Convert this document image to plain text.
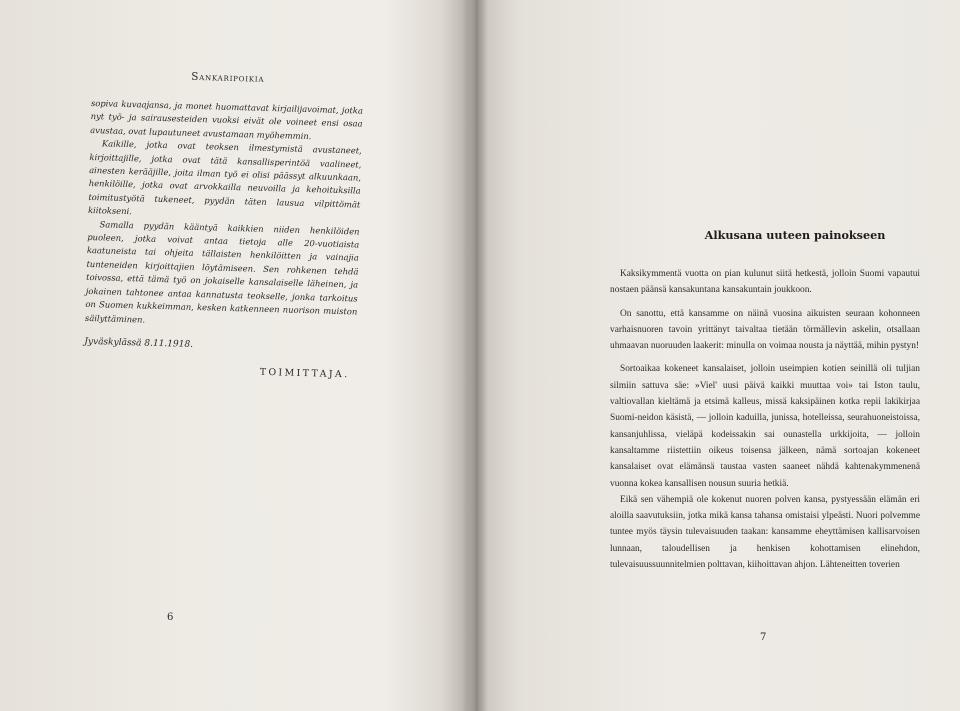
Sankaripoikia

sopiva kuvaajansa, ja monet huomattavat kirjailijavoimat, jotka nyt työ- ja sairausesteiden vuoksi eivät ole voineet ensi osaa avustaa, ovat lupautuneet avustamaan myöhemmin.

Kaikille, jotka ovat teoksen ilmestymistä avustaneet, kirjoittajille, jotka ovat tätä kansallisperintöä vaalineet, ainesten kerääjille, joita ilman työ ei olisi päässyt alkuunkaan, henkilöille, jotka ovat arvokkailla neuvoilla ja kehoituksilla toimitustyötä tukeneet, pyydän täten lausua vilpittömät kiitokseni.

Samalla pyydän kääntyä kaikkien niiden henkilöiden puoleen, jotka voivat antaa tietoja alle 20-vuotiaista kaatuneista tai ohjeita tällaisten henkilöitten ja vainajia tunteneiden kirjoittajien löytämiseen. Sen rohkenen tehdä toivossa, että tämä työ on jokaiselle kansalaiselle läheinen, ja jokainen tahtonee antaa kannatusta teokselle, jonka tarkoitus on Suomen kukkeimman, kesken katkenneen nuorison muiston säilyttäminen.

Jyväskylässä 8.11.1918.
TOIMITTAJA.
6
Alkusana uuteen painokseen

Kaksikymmentä vuotta on pian kulunut siitä hetkestä, jolloin Suomi vapautui nostaen päänsä kansakuntana kansakuntain joukkoon.

On sanottu, että kansamme on näinä vuosina aikuisten seuraan kohonneen varhaisnuoren tavoin yrittänyt taivaltaa tietään törmällevin askelin, otsallaan uhmaavan nuoruuden laakerit: minulla on voimaa nousta ja näyttää, mihin pystyn!

Sortoaikaa kokeneet kansalaiset, jolloin useimpien kotien seinillä oli tuljian silmiin sattuva säe: »Viel' uusi päivä kaikki muuttaa voi» tai Iston taulu, valtiovallan kieltämä ja etsimä kalleus, missä kaksipäinen kotka repii lakikirjaa Suomi-neidon käsistä, — jolloin kaduilla, junissa, hotelleissa, seurahuoneistoissa, kansanjuhlissa, vieläpä kodeissakin sai ounastella urkkijoita, — jolloin kansaltamme riistettiin oikeus toisensa jälkeen, nämä sortoajan kokeneet kansalaiset ovat elämänsä taustaa vasten saaneet nähdä kahtenakymmenenä vuonna kokea kansallisen nousun suuria hetkiä.

Eikä sen vähempiä ole kokenut nuoren polven kansa, pystyessään elämän eri aloilla saavutuksiin, jotka mikä kansa tahansa omistaisi ylpeästi. Nuori polvemme tuntee myös täysin tulevaisuuden taakan: kansamme eheyttämisen kallisarvoisen lunnaan, taloudellisen ja henkisen kohottamisen elinehdon, tulevaisuussuunnitelmien polttavan, kiihoittavan ahjon. Lähteneitten toverien

7
